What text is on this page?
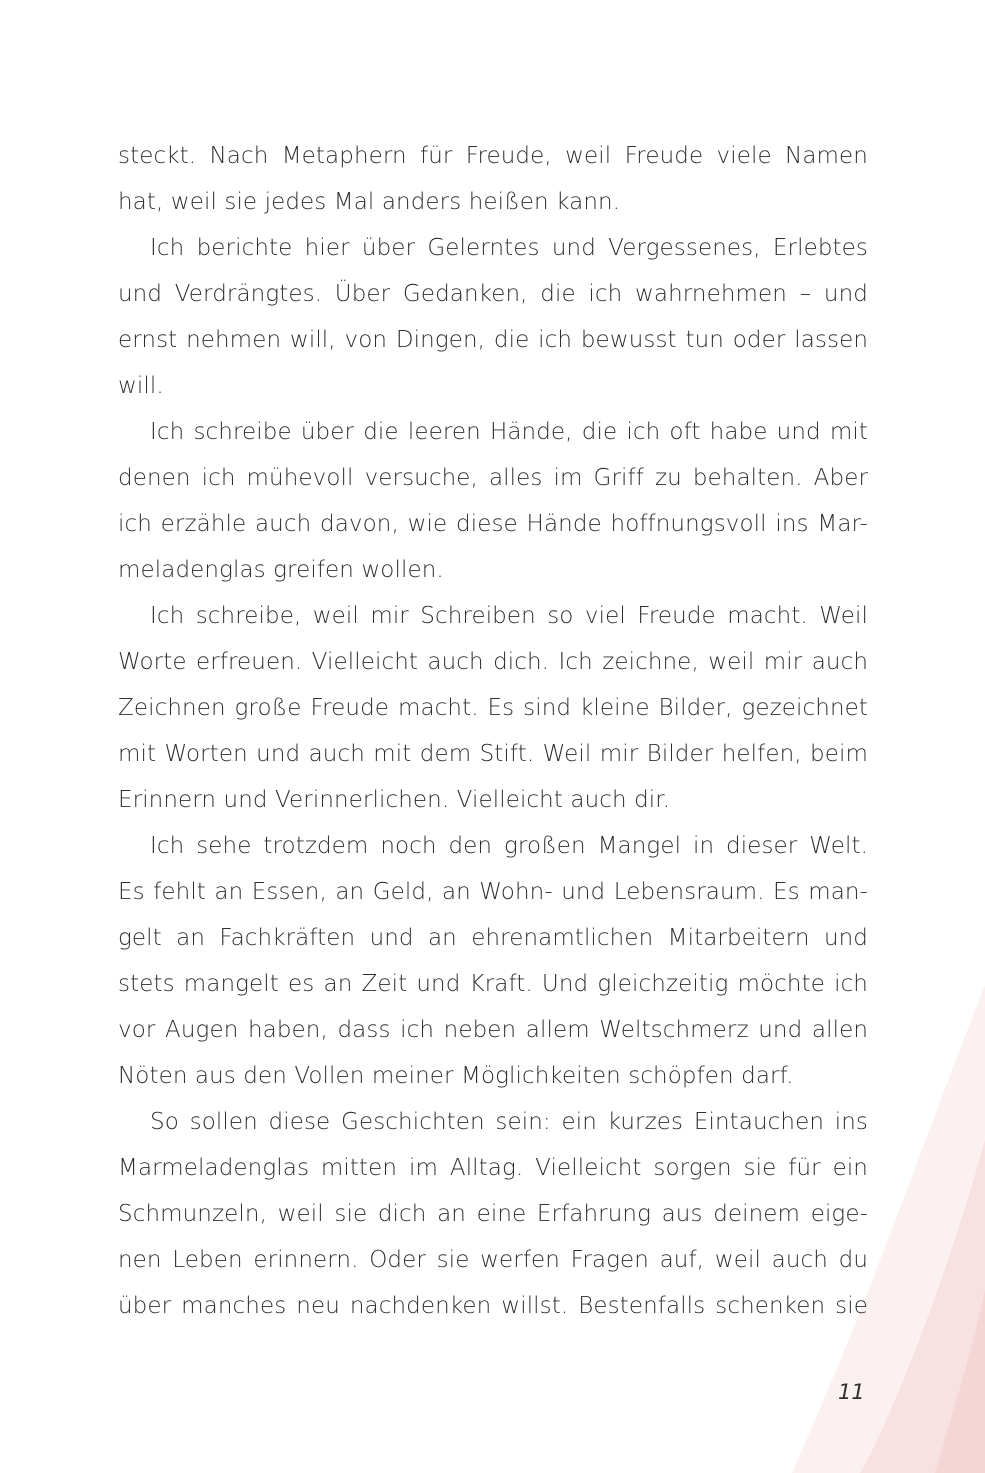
steckt. Nach Metaphern für Freude, weil Freude viele Namen
hat, weil sie jedes Mal anders heißen kann.
Ich berichte hier über Gelerntes und Vergessenes, Erlebtes
und Verdrängtes. Über Gedanken, die ich wahrnehmen – und
ernst nehmen will, von Dingen, die ich bewusst tun oder lassen
will.
Ich schreibe über die leeren Hände, die ich oft habe und mit
denen ich mühevoll versuche, alles im Griff zu behalten. Aber
ich erzähle auch davon, wie diese Hände hoffnungsvoll ins Mar-
meladenglas greifen wollen.
Ich schreibe, weil mir Schreiben so viel Freude macht. Weil
Worte erfreuen. Vielleicht auch dich. Ich zeichne, weil mir auch
Zeichnen große Freude macht. Es sind kleine Bilder, gezeichnet
mit Worten und auch mit dem Stift. Weil mir Bilder helfen, beim
Erinnern und Verinnerlichen. Vielleicht auch dir.
Ich sehe trotzdem noch den großen Mangel in dieser Welt.
Es fehlt an Essen, an Geld, an Wohn- und Lebensraum. Es man-
gelt an Fachkräften und an ehrenamtlichen Mitarbeitern und
stets mangelt es an Zeit und Kraft. Und gleichzeitig möchte ich
vor Augen haben, dass ich neben allem Weltschmerz und allen
Nöten aus den Vollen meiner Möglichkeiten schöpfen darf.
So sollen diese Geschichten sein: ein kurzes Eintauchen ins
Marmeladenglas mitten im Alltag. Vielleicht sorgen sie für ein
Schmunzeln, weil sie dich an eine Erfahrung aus deinem eige-
nen Leben erinnern. Oder sie werfen Fragen auf, weil auch du
über manches neu nachdenken willst. Bestenfalls schenken sie
11
